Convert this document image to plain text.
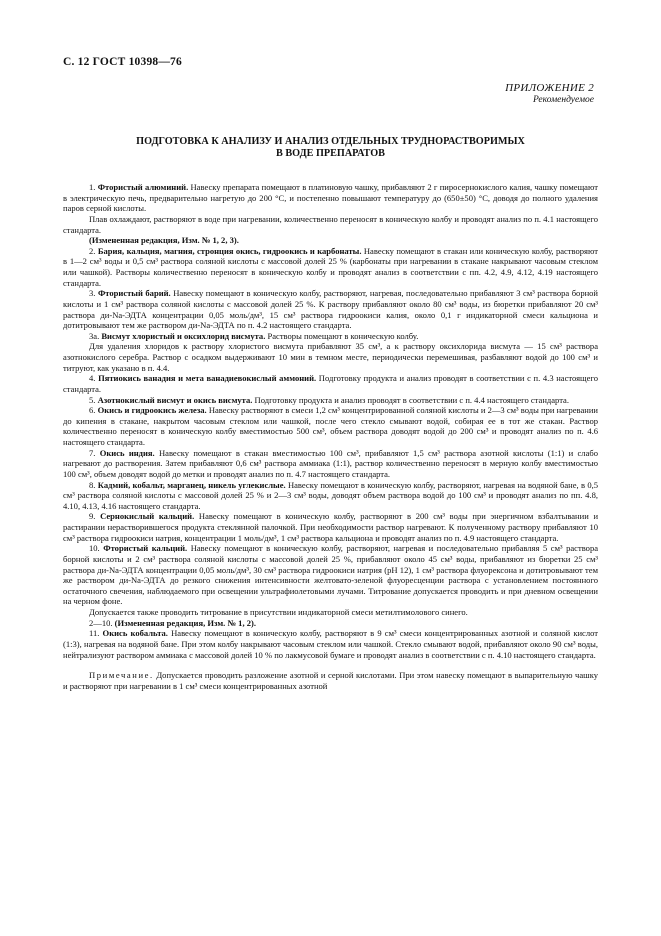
С. 12 ГОСТ 10398—76
ПРИЛОЖЕНИЕ 2
Рекомендуемое
ПОДГОТОВКА К АНАЛИЗУ И АНАЛИЗ ОТДЕЛЬНЫХ ТРУДНОРАСТВОРИМЫХ
В ВОДЕ ПРЕПАРАТОВ

1. Фтористый алюминий. Навеску препарата помещают в платиновую чашку, прибавляют 2 г пиросернокислого калия, чашку помещают в электрическую печь, предварительно нагретую до 200 °С, и постепенно повышают температуру до (650±50) °С, доводя до полного удаления паров серной кислоты.

Плав охлаждают, растворяют в воде при нагревании, количественно переносят в коническую колбу и проводят анализ по п. 4.1 настоящего стандарта.

(Измененная редакция, Изм. № 1, 2, 3).

2. Бария, кальция, магния, стронция окись, гидроокись и карбонаты. Навеску помещают в стакан или коническую колбу, растворяют в 1—2 см³ воды и 0,5 см³ раствора соляной кислоты с массовой долей 25 % (карбонаты при нагревании в стакане накрывают часовым стеклом или чашкой). Растворы количественно переносят в коническую колбу и проводят анализ в соответствии с пп. 4.2, 4.9, 4.12, 4.19 настоящего стандарта.

3. Фтористый барий. Навеску помещают в коническую колбу, растворяют, нагревая, последовательно прибавляют 3 см³ раствора борной кислоты и 1 см³ раствора соляной кислоты с массовой долей 25 %. К раствору прибавляют около 80 см³ воды, из бюретки прибавляют 20 см³ раствора ди-Na-ЭДТА концентрации 0,05 моль/дм³, 15 см³ раствора гидроокиси калия, около 0,1 г индикаторной смеси кальциона и дотитровывают тем же раствором ди-Na-ЭДТА по п. 4.2 настоящего стандарта.

3а. Висмут хлористый и оксихлорид висмута. Растворы помещают в коническую колбу.

Для удаления хлоридов к раствору хлористого висмута прибавляют 35 см³, а к раствору оксихлорида висмута — 15 см³ раствора азотнокислого серебра. Раствор с осадком выдерживают 10 мин в темном месте, периодически перемешивая, разбавляют водой до 100 см³ и титруют, как указано в п. 4.4.

4. Пятиокись ванадия и мета ванадиевокислый аммоний. Подготовку продукта и анализ проводят в соответствии с п. 4.3 настоящего стандарта.

5. Азотнокислый висмут и окись висмута. Подготовку продукта и анализ проводят в соответствии с п. 4.4 настоящего стандарта.

6. Окись и гидроокись железа. Навеску растворяют в смеси 1,2 см³ концентрированной соляной кислоты и 2—3 см³ воды при нагревании до кипения в стакане, накрытом часовым стеклом или чашкой, после чего стекло смывают водой, собирая ее в тот же стакан. Раствор количественно переносят в коническую колбу вместимостью 500 см³, объем раствора доводят водой до 200 см³ и проводят анализ по п. 4.6 настоящего стандарта.

7. Окись индия. Навеску помещают в стакан вместимостью 100 см³, прибавляют 1,5 см³ раствора азотной кислоты (1:1) и слабо нагревают до растворения. Затем прибавляют 0,6 см³ раствора аммиака (1:1), раствор количественно переносят в мерную колбу вместимостью 100 см³, объем доводят водой до метки и проводят анализ по п. 4.7 настоящего стандарта.

8. Кадмий, кобальт, марганец, никель углекислые. Навеску помещают в коническую колбу, растворяют, нагревая на водяной бане, в 0,5 см³ раствора соляной кислоты с массовой долей 25 % и 2—3 см³ воды, доводят объем раствора водой до 100 см³ и проводят анализ по пп. 4.8, 4.10, 4.13, 4.16 настоящего стандарта.

9. Сернокислый кальций. Навеску помещают в коническую колбу, растворяют в 200 см³ воды при энергичном взбалтывании и растирании нерастворившегося продукта стеклянной палочкой. При необходимости раствор нагревают. К полученному раствору прибавляют 10 см³ раствора гидроокиси натрия, концентрации 1 моль/дм³, 1 см³ раствора кальциона и проводят анализ по п. 4.9 настоящего стандарта.

10. Фтористый кальций. Навеску помещают в коническую колбу, растворяют, нагревая и последовательно прибавляя 5 см³ раствора борной кислоты и 2 см³ раствора соляной кислоты с массовой долей 25 %, прибавляют около 45 см³ воды, прибавляют из бюретки 25 см³ раствора ди-Na-ЭДТА концентрации 0,05 моль/дм³, 30 см³ раствора гидроокиси натрия (pH 12), 1 см³ раствора флуорексона и дотитровывают тем же раствором ди-Na-ЭДТА до резкого снижения интенсивности желтовато-зеленой флуоресценции раствора с установлением постоянного остаточного свечения, наблюдаемого при освещении ультрафиолетовыми лучами. Титрование допускается проводить и при дневном освещении на черном фоне.

Допускается также проводить титрование в присутствии индикаторной смеси метилтимолового синего.

2—10. (Измененная редакция, Изм. № 1, 2).

11. Окись кобальта. Навеску помещают в коническую колбу, растворяют в 9 см³ смеси концентрированных азотной и соляной кислот (1:3), нагревая на водяной бане. При этом колбу накрывают часовым стеклом или чашкой. Стекло смывают водой, прибавляют около 90 см³ воды, нейтрализуют раствором аммиака с массовой долей 10 % по лакмусовой бумаге и проводят анализ в соответствии с п. 4.10 настоящего стандарта.

Примечание. Допускается проводить разложение азотной и серной кислотами. При этом навеску помещают в выпарительную чашку и растворяют при нагревании в 1 см³ смеси концентрированных азотной
